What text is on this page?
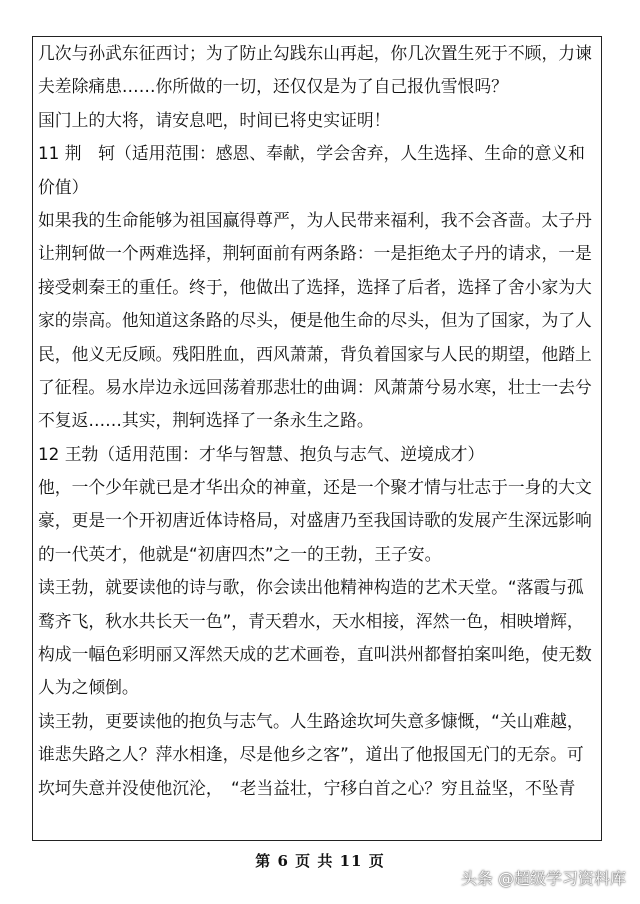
几次与孙武东征西讨；为了防止勾践东山再起，你几次置生死于不顾，力谏
夫差除痛患……你所做的一切，还仅仅是为了自己报仇雪恨吗？
国门上的大将，请安息吧，时间已将史实证明！
11 荆　轲（适用范围：感恩、奉献，学会舍弃，人生选择、生命的意义和
价值）
如果我的生命能够为祖国赢得尊严，为人民带来福利，我不会吝啬。太子丹
让荆轲做一个两难选择，荆轲面前有两条路：一是拒绝太子丹的请求，一是
接受刺秦王的重任。终于，他做出了选择，选择了后者，选择了舍小家为大
家的崇高。他知道这条路的尽头，便是他生命的尽头，但为了国家，为了人
民，他义无反顾。残阳胜血，西风萧萧，背负着国家与人民的期望，他踏上
了征程。易水岸边永远回荡着那悲壮的曲调：风萧萧兮易水寒，壮士一去兮
不复返……其实，荆轲选择了一条永生之路。
12 王勃（适用范围：才华与智慧、抱负与志气、逆境成才）
他，一个少年就已是才华出众的神童，还是一个聚才情与壮志于一身的大文
豪，更是一个开初唐近体诗格局，对盛唐乃至我国诗歌的发展产生深远影响
的一代英才，他就是“初唐四杰”之一的王勃，王子安。
读王勃，就要读他的诗与歌，你会读出他精神构造的艺术天堂。“落霞与孤
鹜齐飞，秋水共长天一色”，青天碧水，天水相接，浑然一色，相映增辉，
构成一幅色彩明丽又浑然天成的艺术画卷，直叫洪州都督拍案叫绝，使无数
人为之倾倒。
读王勃，更要读他的抱负与志气。人生路途坎坷失意多慷慨，“关山难越，
谁悲失路之人？萍水相逢，尽是他乡之客”，道出了他报国无门的无奈。可
坎坷失意并没使他沉沦，　“老当益壮，宁移白首之心？穷且益坚，不坠青
第 6 页 共 11 页
头条 @超级学习资料库
